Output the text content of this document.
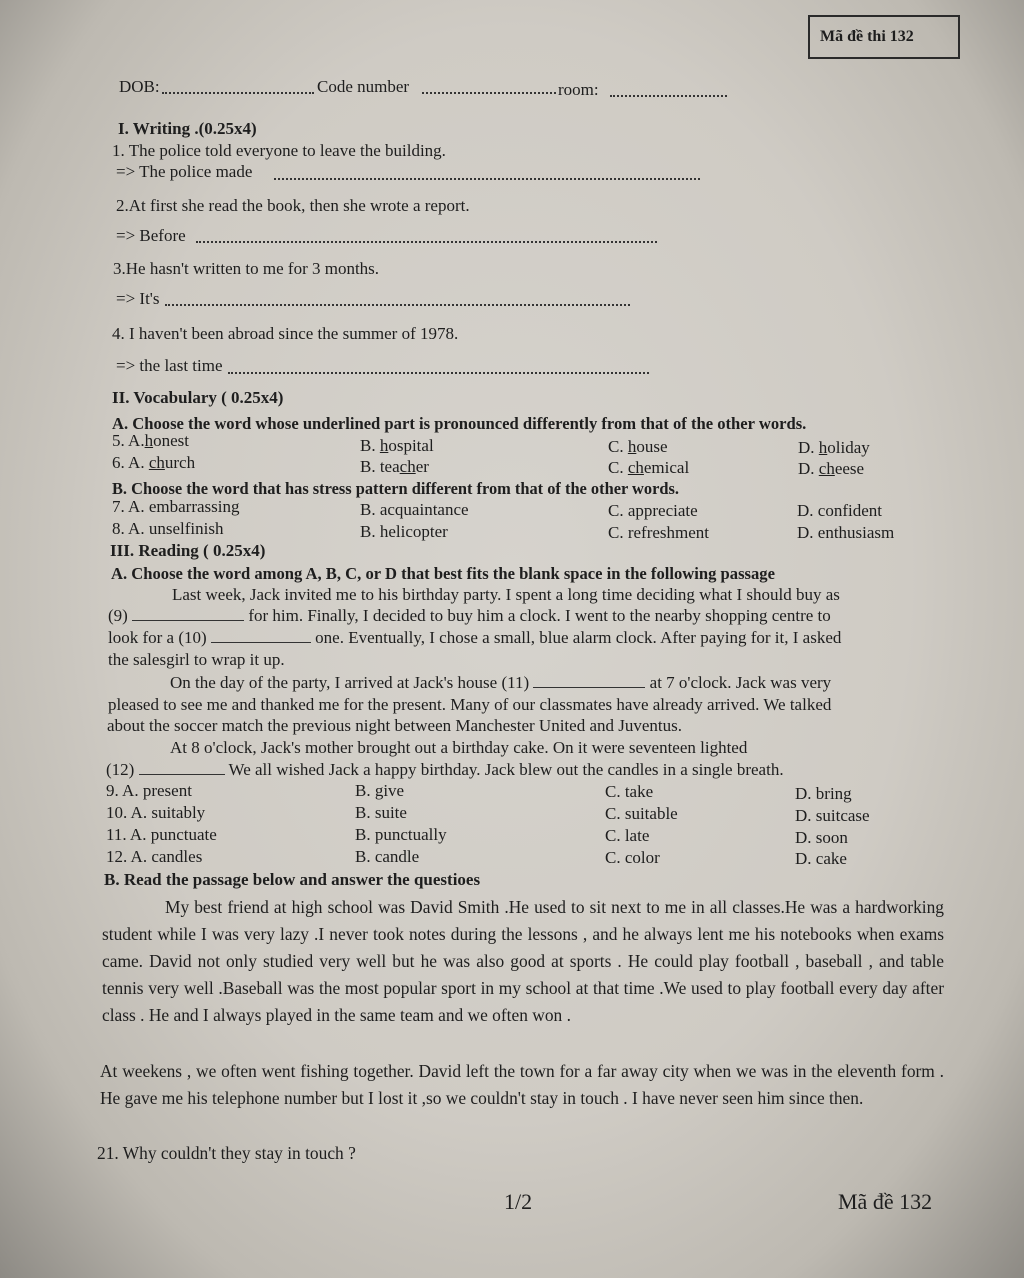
Mã đề thi 132
DOB:	Code number	room:
I. Writing .(0.25x4)
1. The police told everyone to leave the building.
=> The police made
2.At first she read the book, then she wrote a report.
=> Before
3.He hasn't written to me for 3 months.
=> It's
4. I haven't been abroad since the summer of 1978.
=> the last time
II. Vocabulary ( 0.25x4)
A. Choose the word whose underlined part is pronounced differently from that of the other words.
5. A.honest	B. hospital	C. house	D. holiday
6. A. church	B. teacher	C. chemical	D. cheese
B. Choose the word that has stress pattern different from that of the other words.
7. A. embarrassing	B. acquaintance	C. appreciate	D. confident
8. A. unselfinish	B. helicopter	C. refreshment	D. enthusiasm
III. Reading ( 0.25x4)
A. Choose the word among A, B, C, or D that best fits the blank space in the following passage
Last week, Jack invited me to his birthday party. I spent a long time deciding what I should buy as
(9)	for him. Finally, I decided to buy him a clock. I went to the nearby shopping centre to
look for a (10)	one. Eventually, I chose a small, blue alarm clock. After paying for it, I asked
the salesgirl to wrap it up.
On the day of the party, I arrived at Jack's house (11)	at 7 o'clock. Jack was very
pleased to see me and thanked me for the present. Many of our classmates have already arrived. We talked
about the soccer match the previous night between Manchester United and Juventus.
At 8 o'clock, Jack's mother brought out a birthday cake. On it were seventeen lighted
(12)	We all wished Jack a happy birthday. Jack blew out the candles in a single breath.
9. A. present	B. give	C. take	D. bring
10. A. suitably	B. suite	C. suitable	D. suitcase
11. A. punctuate	B. punctually	C. late	D. soon
12. A. candles	B. candle	C. color	D. cake
B. Read the passage below and answer the questioes
My best friend at high school was David Smith .He used to sit next to me in all classes.He was a hardworking student while I was very lazy .I never took notes during the lessons , and he always lent me his notebooks when exams came. David not only studied very well but he was also good at sports . He could play football , baseball , and table tennis very well .Baseball was the most popular sport in my school at that time .We used to play football every day after class . He and I always played in the same team and we often won .
At weekens , we often went fishing together. David left the town for a far away city when we was in the eleventh form . He gave me his telephone number but I lost it ,so we couldn't stay in touch . I have never seen him since then.
21. Why couldn't they stay in touch ?
1/2	Mã đề 132
